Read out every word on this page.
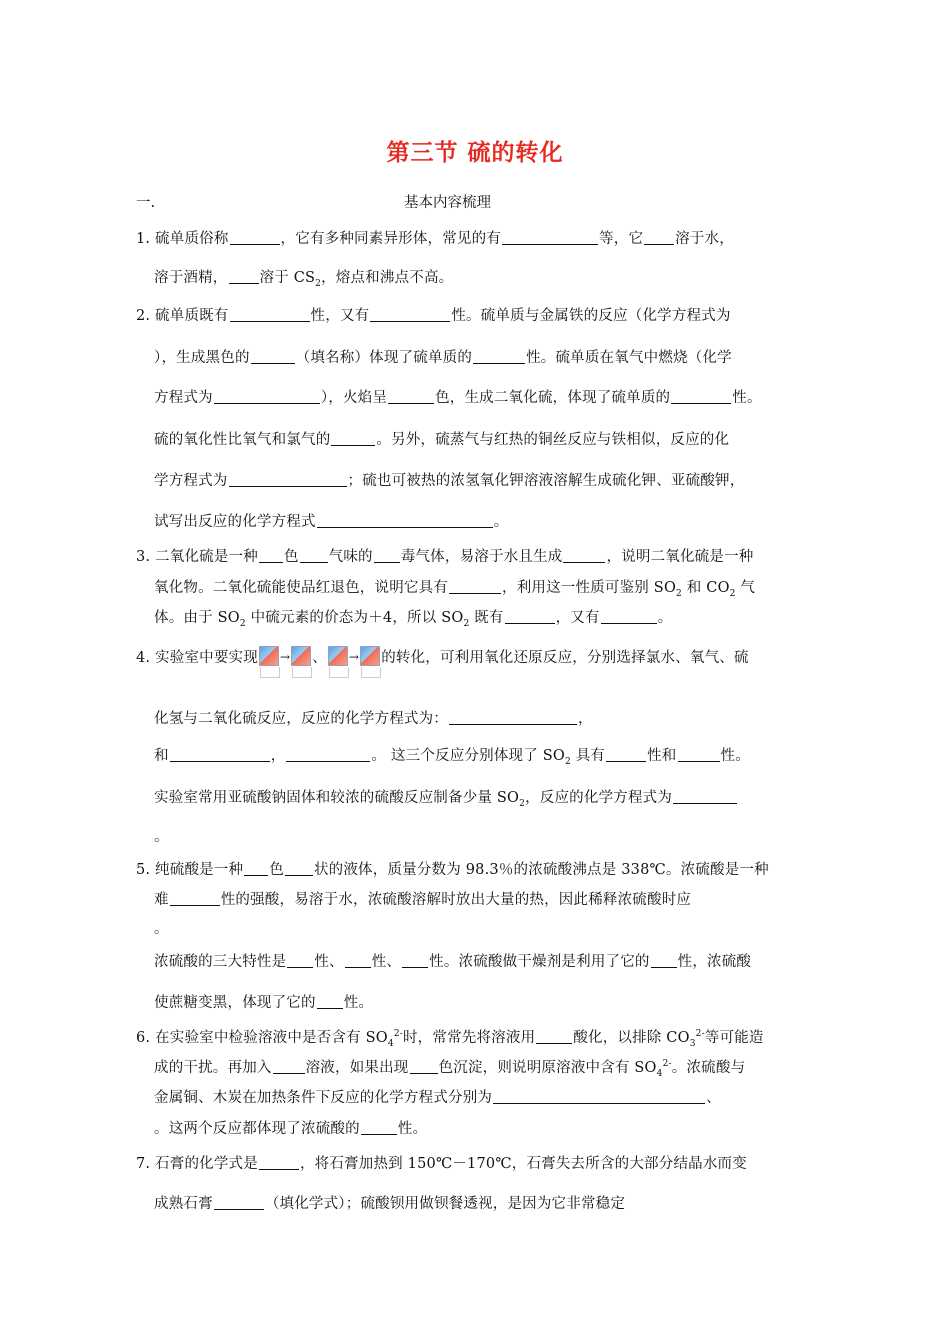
第三节 硫的转化
一.	基本内容梳理
1. 硫单质俗称	，它有多种同素异形体，常见的有	等，它 溶于水，
溶于酒精， 溶于 $CS_2$，熔点和沸点不高。
2. 硫单质既有	性，又有	性。硫单质与金属铁的反应（化学方程式为
），生成黑色的	（填名称）体现了硫单质的	性。硫单质在氧气中燃烧（化学
方程式为	），火焰呈	色，生成二氧化硫，体现了硫单质的	性。
硫的氧化性比氧气和氯气的	。另外，硫蒸气与红热的铜丝反应与铁相似，反应的化
学方程式为	；硫也可被热的浓氢氧化钾溶液溶解生成硫化钾、亚硫酸钾，
试写出反应的化学方程式	。
3. 二氧化硫是一种 色 气味的 毒气体，易溶于水且生成	，说明二氧化硫是一种
氧化物。二氧化硫能使品红退色，说明它具有	，利用这一性质可鉴别 $SO_2$ 和 $CO_2$ 气
体。由于 $SO_2$ 中硫元素的价态为＋4，所以 $SO_2$ 既有	，又有	。
4. 实验室中要实现 → 、 → 的转化，可利用氧化还原反应，分别选择氯水、氧气、硫
化氢与二氧化硫反应，反应的化学方程式为：	，
和	，	。 这三个反应分别体现了 $SO_2$ 具有	性和	性。
实验室常用亚硫酸钠固体和较浓的硫酸反应制备少量 $SO_2$，反应的化学方程式为
。
5. 纯硫酸是一种 色 状的液体，质量分数为 98.3％的浓硫酸沸点是 338℃。浓硫酸是一种
难	性的强酸，易溶于水，浓硫酸溶解时放出大量的热，因此稀释浓硫酸时应
。
浓硫酸的三大特性是 性、 性、 性。浓硫酸做干燥剂是利用了它的 性，浓硫酸
使蔗糖变黑，体现了它的 性。
6. 在实验室中检验溶液中是否含有 $SO_4^{2-}$时，常常先将溶液用	酸化，以排除 $CO_3^{2-}$等可能造
成的干扰。再加入 溶液，如果出现 色沉淀，则说明原溶液中含有 $SO_4^{2-}$。浓硫酸与
金属铜、木炭在加热条件下反应的化学方程式分别为	、
。这两个反应都体现了浓硫酸的	性。
7. 石膏的化学式是	，将石膏加热到 150℃－170℃，石膏失去所含的大部分结晶水而变
成熟石膏	（填化学式）；硫酸钡用做钡餐透视，是因为它非常稳定
